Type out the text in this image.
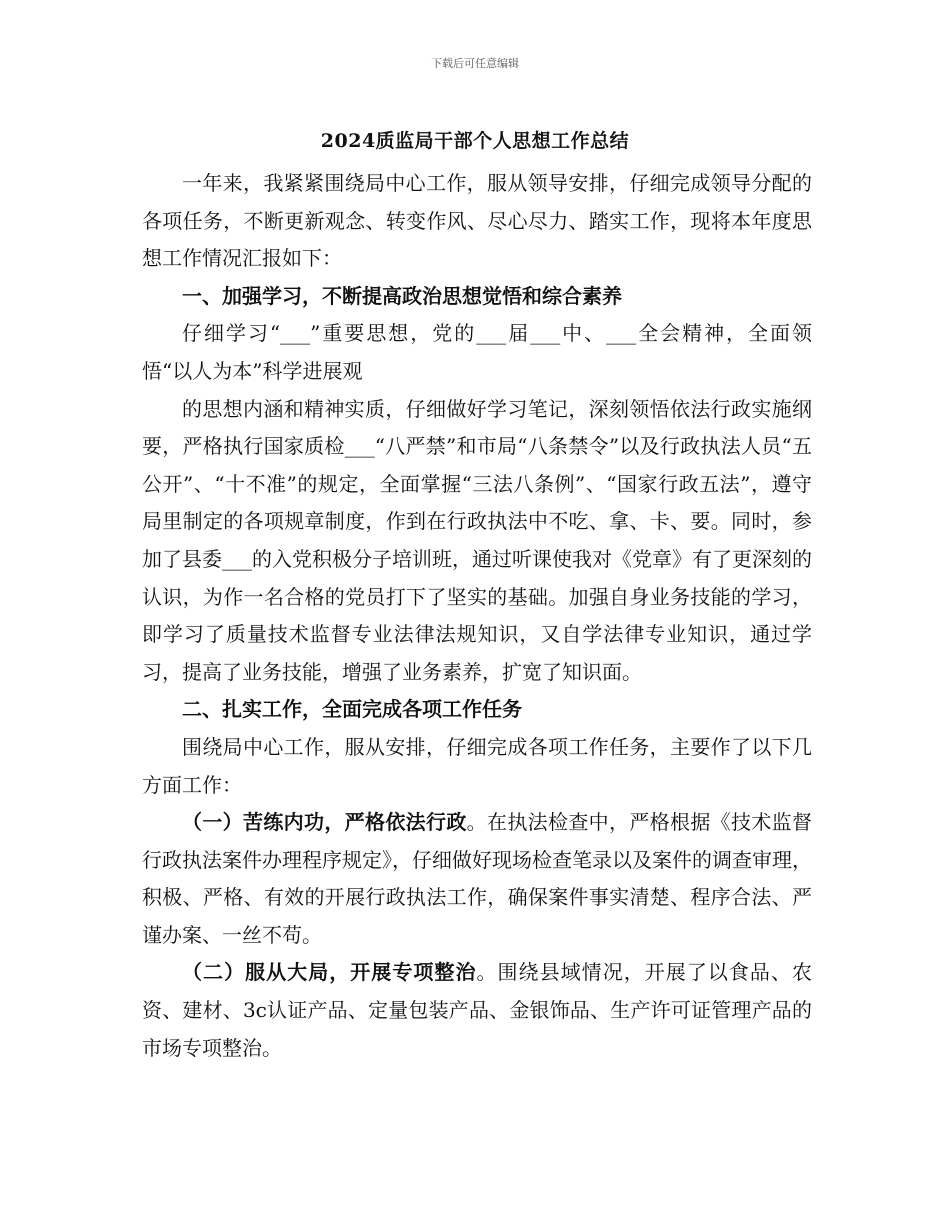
下载后可任意编辑
2024质监局干部个人思想工作总结

一年来，我紧紧围绕局中心工作，服从领导安排，仔细完成领导分配的各项任务，不断更新观念、转变作风、尽心尽力、踏实工作，现将本年度思想工作情况汇报如下：

一、加强学习，不断提高政治思想觉悟和综合素养

仔细学习“___”重要思想，党的___届___中、___全会精神，全面领悟“以人为本”科学进展观

的思想内涵和精神实质，仔细做好学习笔记，深刻领悟依法行政实施纲要，严格执行国家质检___“八严禁”和市局“八条禁令”以及行政执法人员“五公开”、“十不准”的规定，全面掌握“三法八条例”、“国家行政五法”，遵守局里制定的各项规章制度，作到在行政执法中不吃、拿、卡、要。同时，参加了县委___的入党积极分子培训班，通过听课使我对《党章》有了更深刻的认识，为作一名合格的党员打下了坚实的基础。加强自身业务技能的学习，即学习了质量技术监督专业法律法规知识，又自学法律专业知识，通过学习，提高了业务技能，增强了业务素养，扩宽了知识面。

二、扎实工作，全面完成各项工作任务

围绕局中心工作，服从安排，仔细完成各项工作任务，主要作了以下几方面工作：

（一）苦练内功，严格依法行政。在执法检查中，严格根据《技术监督行政执法案件办理程序规定》，仔细做好现场检查笔录以及案件的调查审理，积极、严格、有效的开展行政执法工作，确保案件事实清楚、程序合法、严谨办案、一丝不苟。

（二）服从大局，开展专项整治。围绕县域情况，开展了以食品、农资、建材、3c认证产品、定量包装产品、金银饰品、生产许可证管理产品的市场专项整治。
